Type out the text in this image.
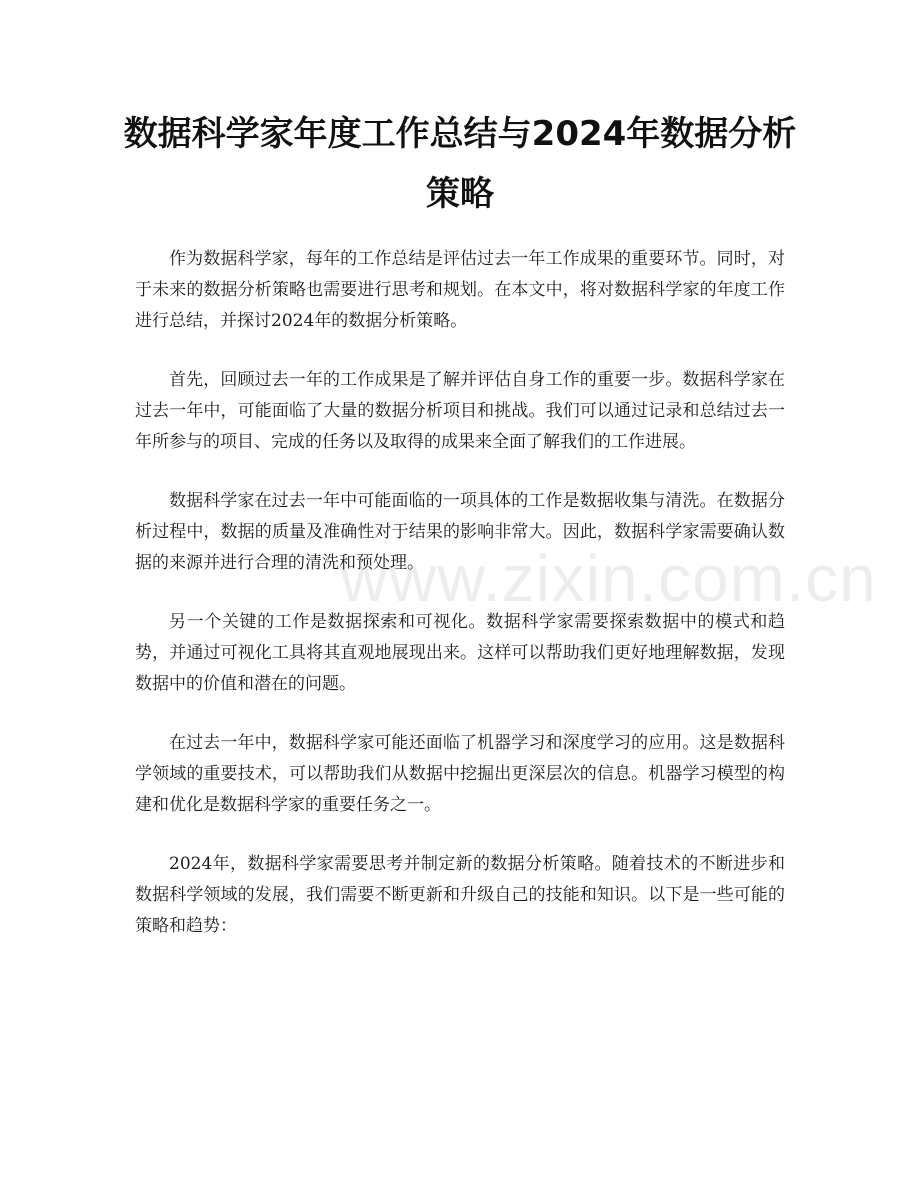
数据科学家年度工作总结与2024年数据分析策略

作为数据科学家，每年的工作总结是评估过去一年工作成果的重要环节。同时，对于未来的数据分析策略也需要进行思考和规划。在本文中，将对数据科学家的年度工作进行总结，并探讨2024年的数据分析策略。

首先，回顾过去一年的工作成果是了解并评估自身工作的重要一步。数据科学家在过去一年中，可能面临了大量的数据分析项目和挑战。我们可以通过记录和总结过去一年所参与的项目、完成的任务以及取得的成果来全面了解我们的工作进展。

数据科学家在过去一年中可能面临的一项具体的工作是数据收集与清洗。在数据分析过程中，数据的质量及准确性对于结果的影响非常大。因此，数据科学家需要确认数据的来源并进行合理的清洗和预处理。

另一个关键的工作是数据探索和可视化。数据科学家需要探索数据中的模式和趋势，并通过可视化工具将其直观地展现出来。这样可以帮助我们更好地理解数据，发现数据中的价值和潜在的问题。

在过去一年中，数据科学家可能还面临了机器学习和深度学习的应用。这是数据科学领域的重要技术，可以帮助我们从数据中挖掘出更深层次的信息。机器学习模型的构建和优化是数据科学家的重要任务之一。

2024年，数据科学家需要思考并制定新的数据分析策略。随着技术的不断进步和数据科学领域的发展，我们需要不断更新和升级自己的技能和知识。以下是一些可能的策略和趋势：

www.zixin.com.cn
